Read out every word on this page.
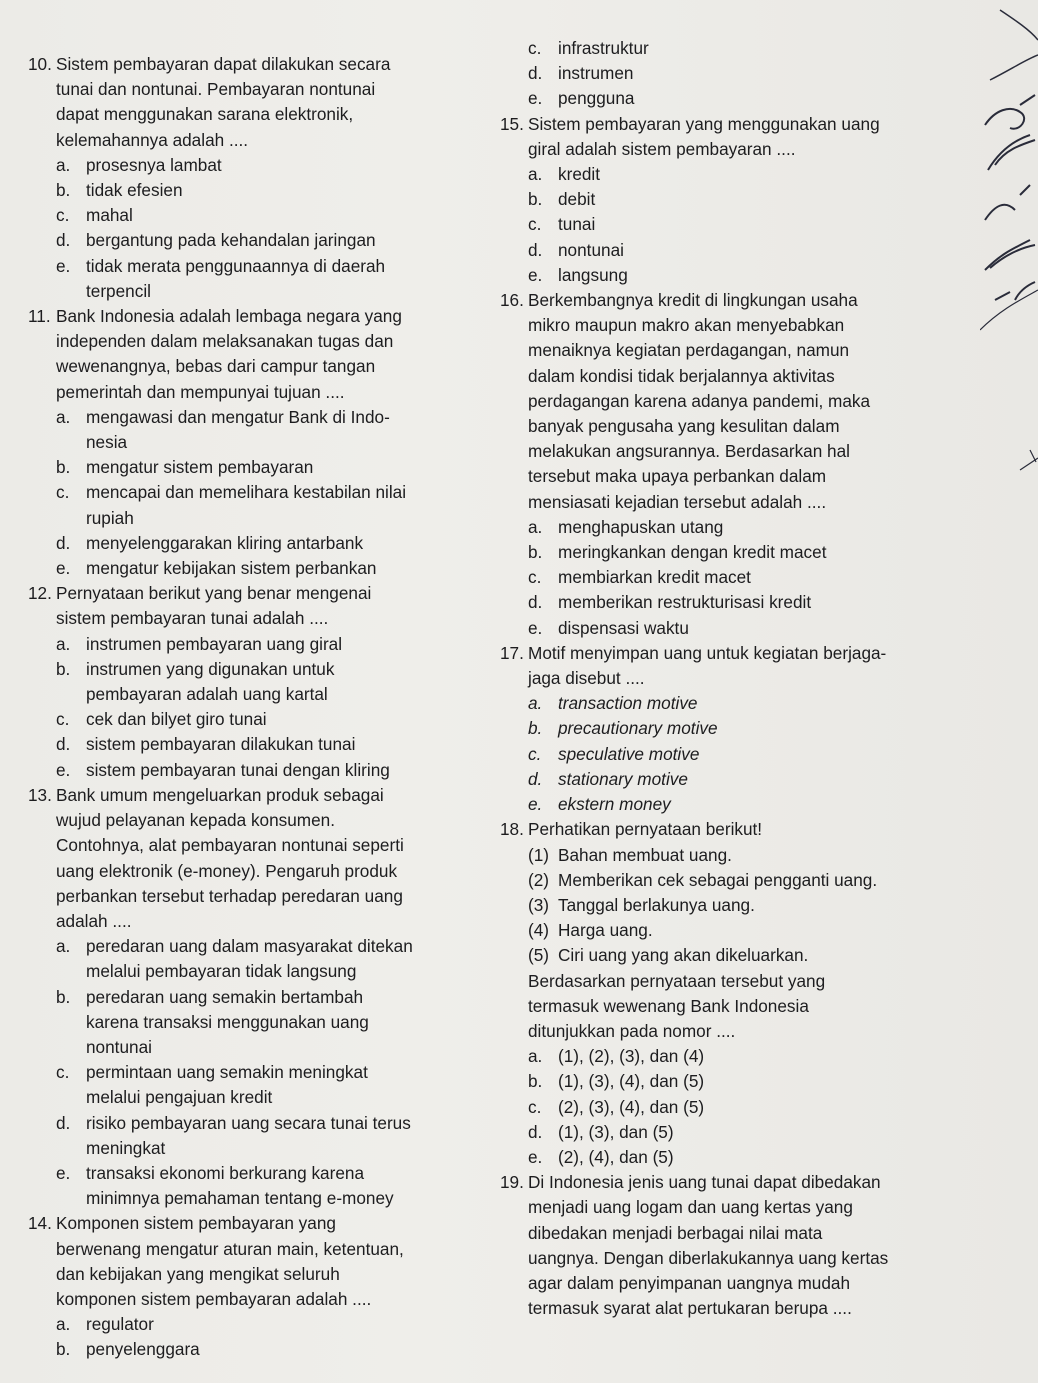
10. Sistem pembayaran dapat dilakukan secara
tunai dan nontunai. Pembayaran nontunai
dapat menggunakan sarana elektronik,
kelemahannya adalah ....
a. prosesnya lambat
b. tidak efesien
c. mahal
d. bergantung pada kehandalan jaringan
e. tidak merata penggunaannya di daerah
terpencil
11. Bank Indonesia adalah lembaga negara yang
independen dalam melaksanakan tugas dan
wewenangnya, bebas dari campur tangan
pemerintah dan mempunyai tujuan ....
a. mengawasi dan mengatur Bank di Indo-
nesia
b. mengatur sistem pembayaran
c. mencapai dan memelihara kestabilan nilai
rupiah
d. menyelenggarakan kliring antarbank
e. mengatur kebijakan sistem perbankan
12. Pernyataan berikut yang benar mengenai
sistem pembayaran tunai adalah ....
a. instrumen pembayaran uang giral
b. instrumen yang digunakan untuk
pembayaran adalah uang kartal
c. cek dan bilyet giro tunai
d. sistem pembayaran dilakukan tunai
e. sistem pembayaran tunai dengan kliring
13. Bank umum mengeluarkan produk sebagai
wujud pelayanan kepada konsumen.
Contohnya, alat pembayaran nontunai seperti
uang elektronik (e-money). Pengaruh produk
perbankan tersebut terhadap peredaran uang
adalah ....
a. peredaran uang dalam masyarakat ditekan
melalui pembayaran tidak langsung
b. peredaran uang semakin bertambah
karena transaksi menggunakan uang
nontunai
c. permintaan uang semakin meningkat
melalui pengajuan kredit
d. risiko pembayaran uang secara tunai terus
meningkat
e. transaksi ekonomi berkurang karena
minimnya pemahaman tentang e-money
14. Komponen sistem pembayaran yang
berwenang mengatur aturan main, ketentuan,
dan kebijakan yang mengikat seluruh
komponen sistem pembayaran adalah ....
a. regulator
b. penyelenggara
c. infrastruktur
d. instrumen
e. pengguna
15. Sistem pembayaran yang menggunakan uang
giral adalah sistem pembayaran ....
a. kredit
b. debit
c. tunai
d. nontunai
e. langsung
16. Berkembangnya kredit di lingkungan usaha
mikro maupun makro akan menyebabkan
menaiknya kegiatan perdagangan, namun
dalam kondisi tidak berjalannya aktivitas
perdagangan karena adanya pandemi, maka
banyak pengusaha yang kesulitan dalam
melakukan angsurannya. Berdasarkan hal
tersebut maka upaya perbankan dalam
mensiasati kejadian tersebut adalah ....
a. menghapuskan utang
b. meringkankan dengan kredit macet
c. membiarkan kredit macet
d. memberikan restrukturisasi kredit
e. dispensasi waktu
17. Motif menyimpan uang untuk kegiatan berjaga-
jaga disebut ....
a. transaction motive
b. precautionary motive
c. speculative motive
d. stationary motive
e. ekstern money
18. Perhatikan pernyataan berikut!
(1) Bahan membuat uang.
(2) Memberikan cek sebagai pengganti uang.
(3) Tanggal berlakunya uang.
(4) Harga uang.
(5) Ciri uang yang akan dikeluarkan.
Berdasarkan pernyataan tersebut yang
termasuk wewenang Bank Indonesia
ditunjukkan pada nomor ....
a. (1), (2), (3), dan (4)
b. (1), (3), (4), dan (5)
c. (2), (3), (4), dan (5)
d. (1), (3), dan (5)
e. (2), (4), dan (5)
19. Di Indonesia jenis uang tunai dapat dibedakan
menjadi uang logam dan uang kertas yang
dibedakan menjadi berbagai nilai mata
uangnya. Dengan diberlakukannya uang kertas
agar dalam penyimpanan uangnya mudah
termasuk syarat alat pertukaran berupa ....
